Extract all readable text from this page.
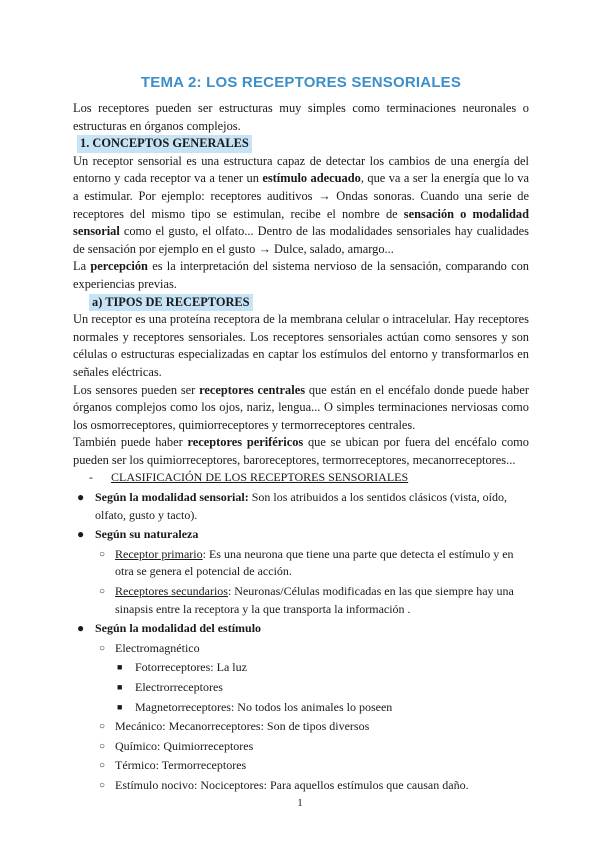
TEMA 2: LOS RECEPTORES SENSORIALES

Los receptores pueden ser estructuras muy simples como terminaciones neuronales o estructuras en órganos complejos.

1. CONCEPTOS GENERALES

Un receptor sensorial es una estructura capaz de detectar los cambios de una energía del entorno y cada receptor va a tener un estímulo adecuado, que va a ser la energía que lo va a estimular. Por ejemplo: receptores auditivos → Ondas sonoras. Cuando una serie de receptores del mismo tipo se estimulan, recibe el nombre de sensación o modalidad sensorial como el gusto, el olfato... Dentro de las modalidades sensoriales hay cualidades de sensación por ejemplo en el gusto → Dulce, salado, amargo...

La percepción es la interpretación del sistema nervioso de la sensación, comparando con experiencias previas.

a) TIPOS DE RECEPTORES

Un receptor es una proteína receptora de la membrana celular o intracelular. Hay receptores normales y receptores sensoriales. Los receptores sensoriales actúan como sensores y son células o estructuras especializadas en captar los estímulos del entorno y transformarlos en señales eléctricas.

Los sensores pueden ser receptores centrales que están en el encéfalo donde puede haber órganos complejos como los ojos, nariz, lengua... O simples terminaciones nerviosas como los osmorreceptores, quimiorreceptores y termorreceptores centrales.

También puede haber receptores periféricos que se ubican por fuera del encéfalo como pueden ser los quimiorreceptores, baroreceptores, termorreceptores, mecanorreceptores...

- CLASIFICACIÓN DE LOS RECEPTORES SENSORIALES
● Según la modalidad sensorial: Son los atribuidos a los sentidos clásicos (vista, oído, olfato, gusto y tacto).
● Según su naturaleza
○ Receptor primario: Es una neurona que tiene una parte que detecta el estímulo y en otra se genera el potencial de acción.
○ Receptores secundarios: Neuronas/Células modificadas en las que siempre hay una sinapsis entre la receptora y la que transporta la información .
● Según la modalidad del estímulo
○ Electromagnético
■ Fotorreceptores: La luz
■ Electrorreceptores
■ Magnetorreceptores: No todos los animales lo poseen
○ Mecánico: Mecanorreceptores: Son de tipos diversos
○ Químico: Quimiorreceptores
○ Térmico: Termorreceptores
○ Estímulo nocivo: Nociceptores: Para aquellos estímulos que causan daño.
1
